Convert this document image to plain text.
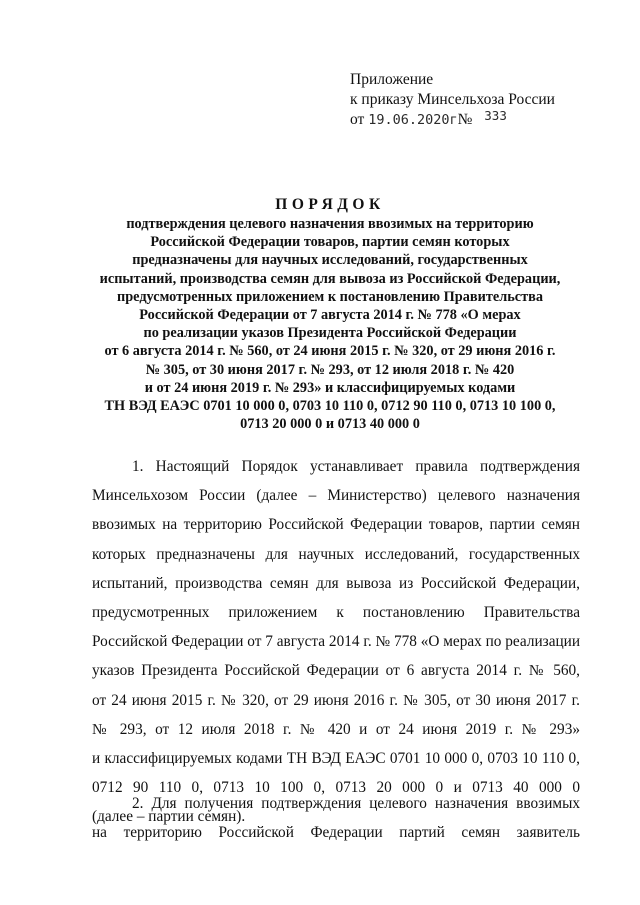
Приложение
к приказу Минсельхоза России
от 19.06.2020г№ $^{333}$
ПОРЯДОК
подтверждения целевого назначения ввозимых на территорию
Российской Федерации товаров, партии семян которых
предназначены для научных исследований, государственных
испытаний, производства семян для вывоза из Российской Федерации,
предусмотренных приложением к постановлению Правительства
Российской Федерации от 7 августа 2014 г. № 778 «О мерах
по реализации указов Президента Российской Федерации
от 6 августа 2014 г. № 560, от 24 июня 2015 г. № 320, от 29 июня 2016 г.
№ 305, от 30 июня 2017 г. № 293, от 12 июля 2018 г. № 420
и от 24 июня 2019 г. № 293» и классифицируемых кодами
ТН ВЭД ЕАЭС 0701 10 000 0, 0703 10 110 0, 0712 90 110 0, 0713 10 100 0,
0713 20 000 0 и 0713 40 000 0
1. Настоящий Порядок устанавливает правила подтверждения
Минсельхозом России (далее – Министерство) целевого назначения
ввозимых на территорию Российской Федерации товаров, партии семян
которых предназначены для научных исследований, государственных
испытаний, производства семян для вывоза из Российской Федерации,
предусмотренных приложением к постановлению Правительства
Российской Федерации от 7 августа 2014 г. № 778 «О мерах по реализации
указов Президента Российской Федерации от 6 августа 2014 г. № 560,
от 24 июня 2015 г. № 320, от 29 июня 2016 г. № 305, от 30 июня 2017 г.
№ 293, от 12 июля 2018 г. № 420 и от 24 июня 2019 г. № 293»
и классифицируемых кодами ТН ВЭД ЕАЭС 0701 10 000 0, 0703 10 110 0,
0712 90 110 0, 0713 10 100 0, 0713 20 000 0 и 0713 40 000 0
(далее – партии семян).
2. Для получения подтверждения целевого назначения ввозимых
на территорию Российской Федерации партий семян заявитель
